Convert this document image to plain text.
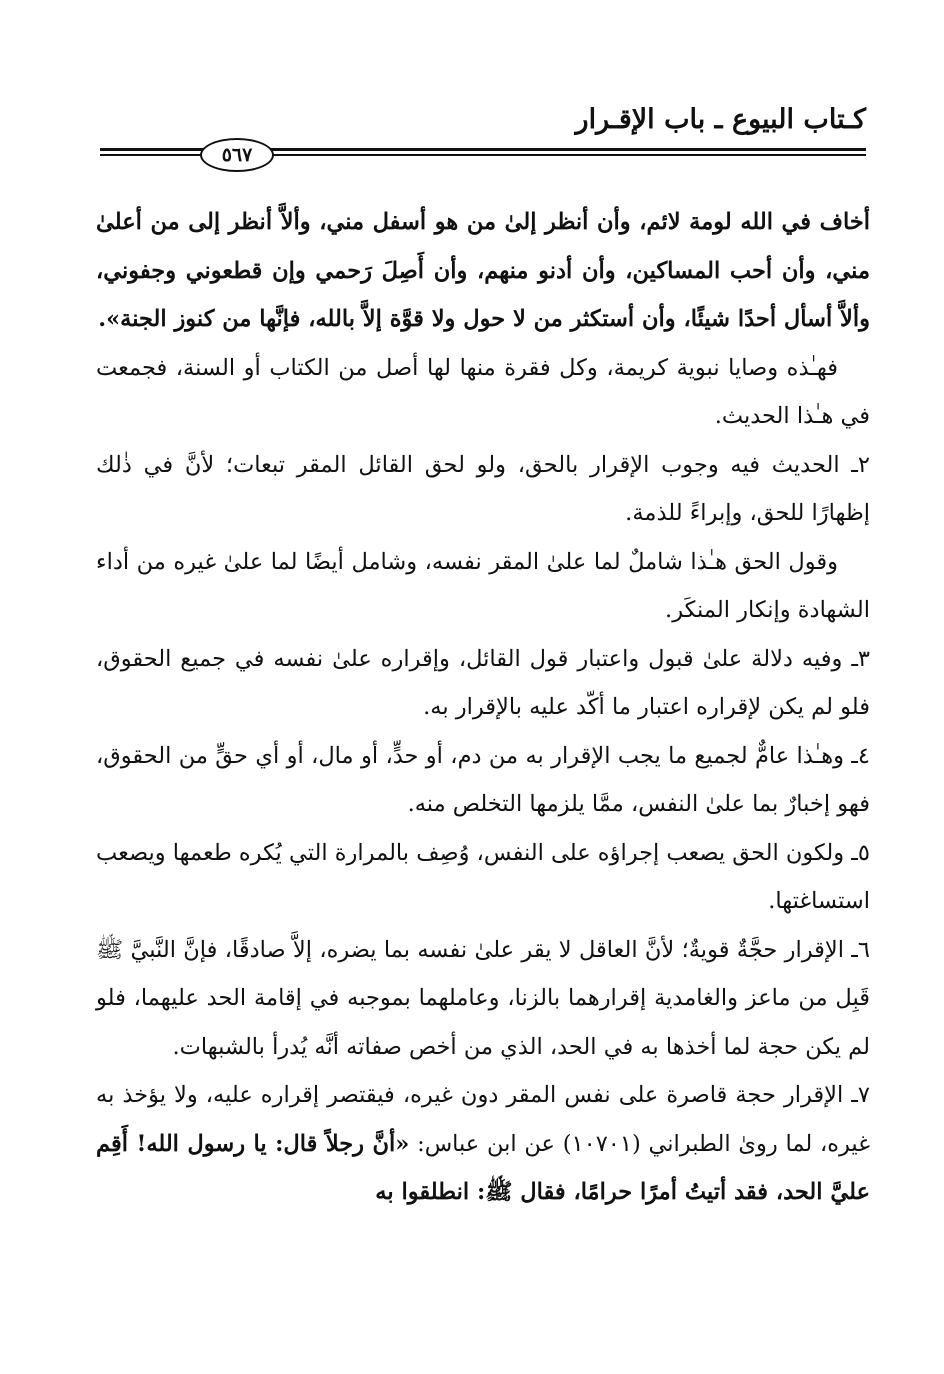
كـتاب البيوع ـ باب الإقـرار
٥٦٧

أخاف في الله لومة لائم، وأن أنظر إلىٰ من هو أسفل مني، وألاَّ أنظر إلى من أعلىٰ مني، وأن أحب المساكين، وأن أدنو منهم، وأن أَصِلَ رَحمي وإن قطعوني وجفوني، وألاَّ أسأل أحدًا شيئًا، وأن أستكثر من لا حول ولا قوَّة إلاَّ بالله، فإنَّها من كنوز الجنة».

فهـٰذه وصايا نبوية كريمة، وكل فقرة منها لها أصل من الكتاب أو السنة، فجمعت في هـٰذا الحديث.

٢ـ الحديث فيه وجوب الإقرار بالحق، ولو لحق القائل المقر تبعات؛ لأنَّ في ذٰلك إظهارًا للحق، وإبراءً للذمة.

وقول الحق هـٰذا شاملٌ لما علىٰ المقر نفسه، وشامل أيضًا لما علىٰ غيره من أداء الشهادة وإنكار المنكَر.

٣ـ وفيه دلالة علىٰ قبول واعتبار قول القائل، وإقراره علىٰ نفسه في جميع الحقوق، فلو لم يكن لإقراره اعتبار ما أكّد عليه بالإقرار به.

٤ـ وهـٰذا عامٌّ لجميع ما يجب الإقرار به من دم، أو حدٍّ، أو مال، أو أي حقٍّ من الحقوق، فهو إخبارٌ بما علىٰ النفس، ممَّا يلزمها التخلص منه.

٥ـ ولكون الحق يصعب إجراؤه على النفس، وُصِف بالمرارة التي يُكره طعمها ويصعب استساغتها.

٦ـ الإقرار حجَّةٌ قويةٌ؛ لأنَّ العاقل لا يقر علىٰ نفسه بما يضره، إلاَّ صادقًا، فإنَّ النَّبيَّ ﷺ قَبِل من ماعز والغامدية إقرارهما بالزنا، وعاملهما بموجبه في إقامة الحد عليهما، فلو لم يكن حجة لما أخذها به في الحد، الذي من أخص صفاته أنَّه يُدرأ بالشبهات.

٧ـ الإقرار حجة قاصرة على نفس المقر دون غيره، فيقتصر إقراره عليه، ولا يؤخذ به غيره، لما روىٰ الطبراني (١٠٧٠١) عن ابن عباس: «أنَّ رجلاً قال: يا رسول الله! أَقِم عليَّ الحد، فقد أتيتُ أمرًا حرامًا، فقال ﷺ: انطلقوا به
